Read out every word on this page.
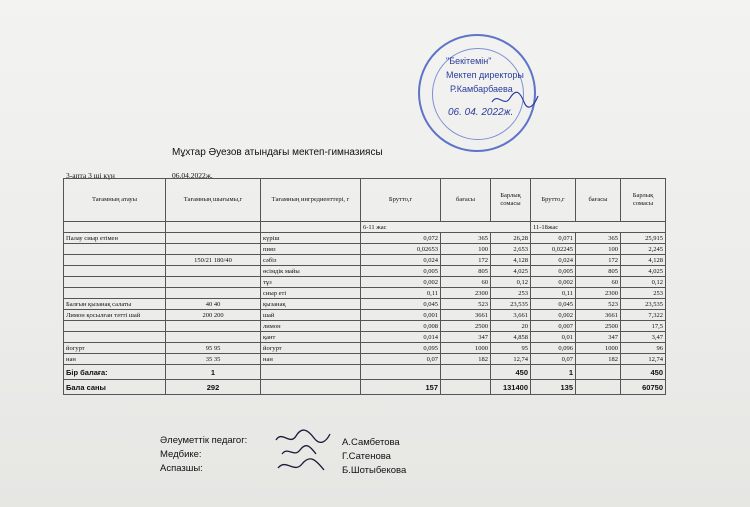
"Бекітемін"
Мектеп директоры
Р.Камбарбаева
06. 04. 2022ж.
Мұхтар Әуезов атындағы мектеп-гимназиясы
3-апта 3 ші күн	06.04.2022ж.
Тағамның атауы	Тағамның шығымы,г	Тағамның ингредиенттері, г	Брутто,г	бағасы	Барлық сомасы	Брутто,г	бағасы	Барлық сомасы
			6-11 жас			11-18жас		
Палау сиыр етімен		күріш	0,072	365	26,28	0,071	365	25,915
		пияз	0,02653	100	2,653	0,02245	100	2,245
	150/21 180/40	сәбіз	0,024	172	4,128	0,024	172	4,128
		өсімдік майы	0,005	805	4,025	0,005	805	4,025
		тұз	0,002	60	0,12	0,002	60	0,12
		сиыр еті	0,11	2300	253	0,11	2300	253
Балғын қызанақ салаты	40 40	қызанақ	0,045	523	23,535	0,045	523	23,535
Лимон қосылған тәтті шай	200 200	шай	0,001	3661	3,661	0,002	3661	7,322
		лимон	0,008	2500	20	0,007	2500	17,5
		қант	0,014	347	4,858	0,01	347	3,47
йогурт	95 95	йогурт	0,095	1000	95	0,096	1000	96
нан	35 35	нан	0,07	182	12,74	0,07	182	12,74
Бір балаға:	1				450	1		450
Бала саны	292		157		131400	135		60750
Әлеуметтік педагог:
Медбике:
Аспазшы:
А.Самбетова
Г.Сатенова
Б.Шотыбекова
